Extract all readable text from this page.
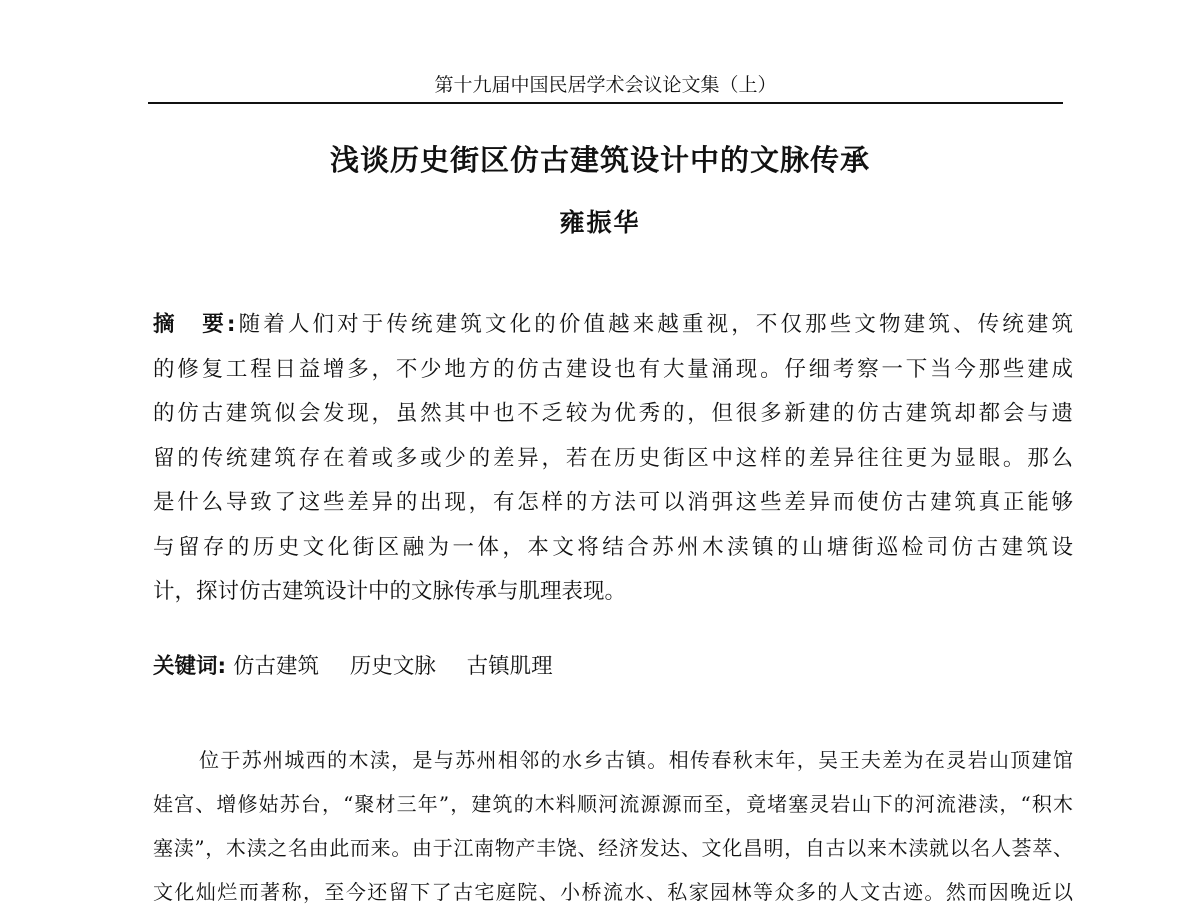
第十九届中国民居学术会议论文集（上）
浅谈历史街区仿古建筑设计中的文脉传承
雍振华

摘　要:随着人们对于传统建筑文化的价值越来越重视，不仅那些文物建筑、传统建筑

的修复工程日益增多，不少地方的仿古建设也有大量涌现。仔细考察一下当今那些建成

的仿古建筑似会发现，虽然其中也不乏较为优秀的，但很多新建的仿古建筑却都会与遗

留的传统建筑存在着或多或少的差异，若在历史街区中这样的差异往往更为显眼。那么

是什么导致了这些差异的出现，有怎样的方法可以消弭这些差异而使仿古建筑真正能够

与留存的历史文化街区融为一体，本文将结合苏州木渎镇的山塘街巡检司仿古建筑设

计，探讨仿古建筑设计中的文脉传承与肌理表现。

关键词: 仿古建筑 历史文脉 古镇肌理

位于苏州城西的木渎，是与苏州相邻的水乡古镇。相传春秋末年，吴王夫差为在灵岩山顶建馆

娃宫、增修姑苏台，“聚材三年”，建筑的木料顺河流源源而至，竟堵塞灵岩山下的河流港渎，“积木

塞渎”，木渎之名由此而来。由于江南物产丰饶、经济发达、文化昌明，自古以来木渎就以名人荟萃、

文化灿烂而著称，至今还留下了古宅庭院、小桥流水、私家园林等众多的人文古迹。然而因晚近以
